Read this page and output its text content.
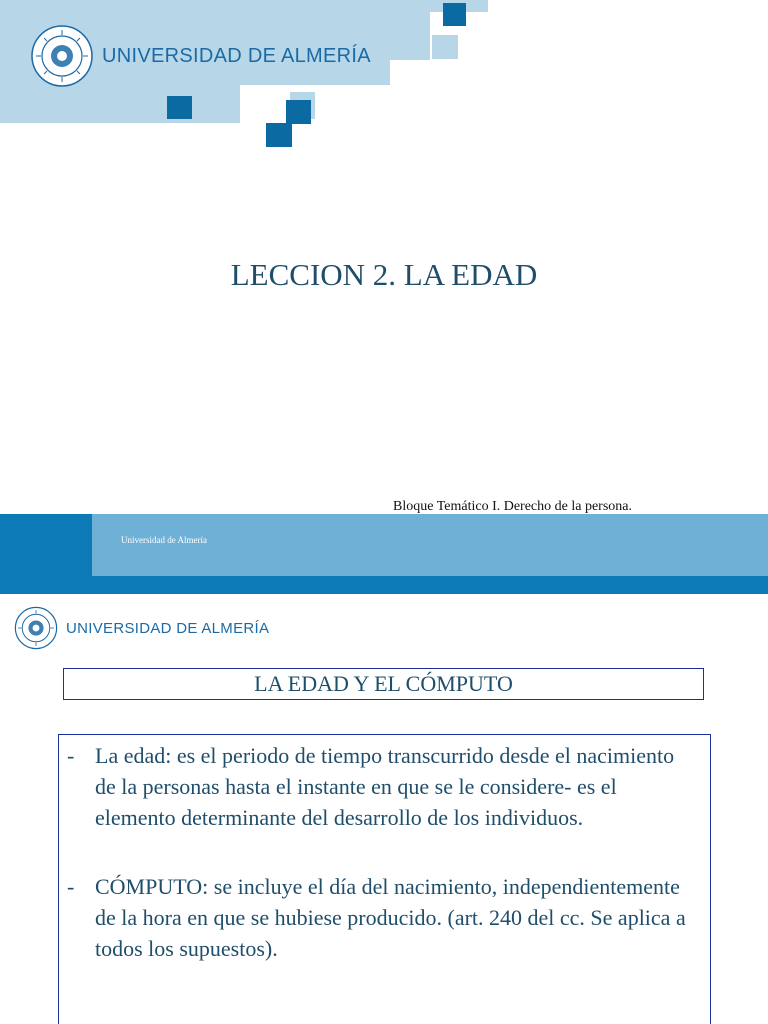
UNIVERSIDAD DE ALMERÍA
LECCION 2. LA EDAD
Bloque Temático I. Derecho de la persona.
Universidad de Almería
UNIVERSIDAD DE ALMERÍA
LA EDAD Y EL CÓMPUTO
- La edad: es el periodo de tiempo transcurrido desde el nacimiento de la personas hasta el instante en que se le considere- es el elemento determinante del desarrollo de los individuos.
- CÓMPUTO: se incluye el día del nacimiento, independientemente de la hora en que se hubiese producido. (art. 240 del cc. Se aplica a todos los supuestos).
